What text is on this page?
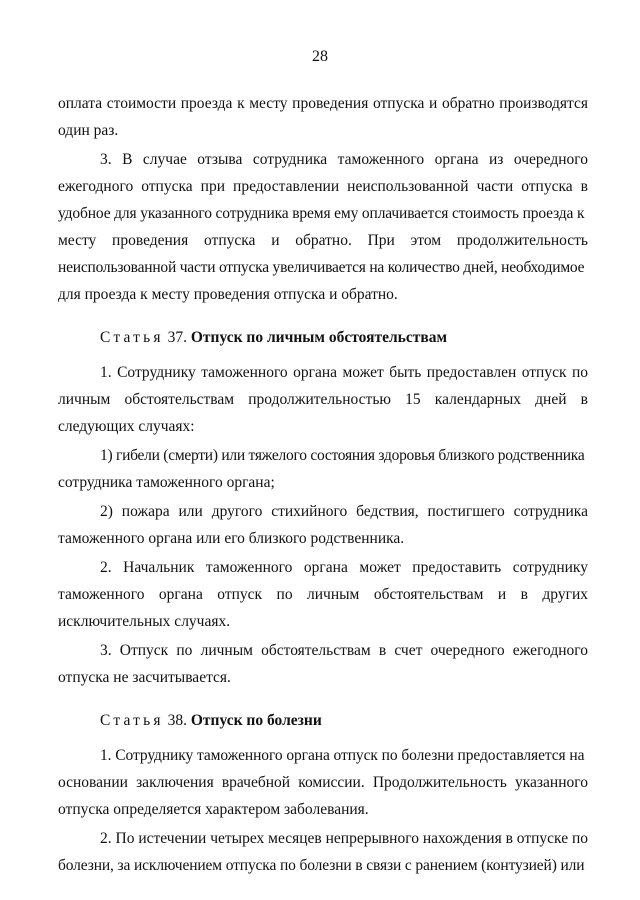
28

оплата стоимости проезда к месту проведения отпуска и обратно производятся

один раз.

3. В случае отзыва сотрудника таможенного органа из очередного

ежегодного отпуска при предоставлении неиспользованной части отпуска в

удобное для указанного сотрудника время ему оплачивается стоимость проезда к

месту проведения отпуска и обратно. При этом продолжительность

неиспользованной части отпуска увеличивается на количество дней, необходимое

для проезда к месту проведения отпуска и обратно.

Статья 37. Отпуск по личным обстоятельствам

1. Сотруднику таможенного органа может быть предоставлен отпуск по

личным обстоятельствам продолжительностью 15 календарных дней в

следующих случаях:

1) гибели (смерти) или тяжелого состояния здоровья близкого родственника

сотрудника таможенного органа;

2) пожара или другого стихийного бедствия, постигшего сотрудника

таможенного органа или его близкого родственника.

2. Начальник таможенного органа может предоставить сотруднику

таможенного органа отпуск по личным обстоятельствам и в других

исключительных случаях.

3. Отпуск по личным обстоятельствам в счет очередного ежегодного

отпуска не засчитывается.

Статья 38. Отпуск по болезни

1. Сотруднику таможенного органа отпуск по болезни предоставляется на

основании заключения врачебной комиссии. Продолжительность указанного

отпуска определяется характером заболевания.

2. По истечении четырех месяцев непрерывного нахождения в отпуске по

болезни, за исключением отпуска по болезни в связи с ранением (контузией) или
